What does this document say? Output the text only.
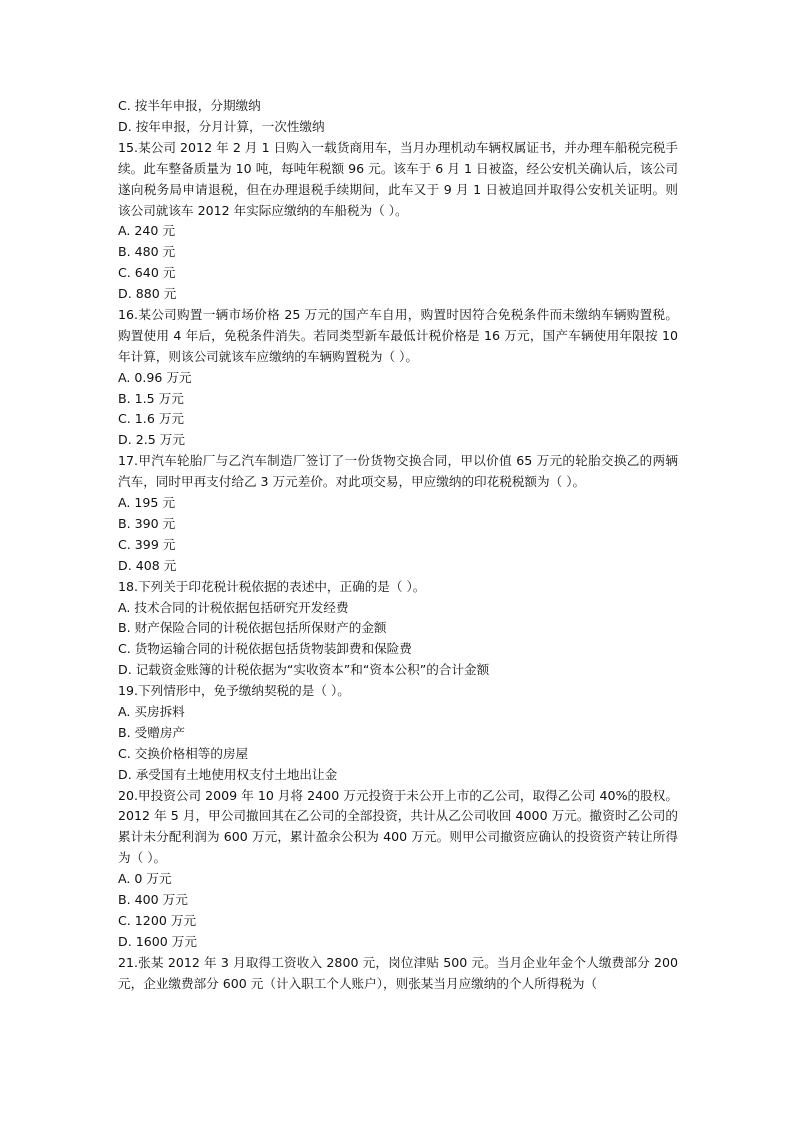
C. 按半年申报，分期缴纳
D. 按年申报，分月计算，一次性缴纳
15.某公司 2012 年 2 月 1 日购入一载货商用车，当月办理机动车辆权属证书，并办理车船税完税手续。此车整备质量为 10 吨，每吨年税额 96 元。该车于 6 月 1 日被盗，经公安机关确认后，该公司遂向税务局申请退税，但在办理退税手续期间，此车又于 9 月 1 日被追回并取得公安机关证明。则该公司就该车 2012 年实际应缴纳的车船税为（ ）。
A. 240 元
B. 480 元
C. 640 元
D. 880 元
16.某公司购置一辆市场价格 25 万元的国产车自用，购置时因符合免税条件而未缴纳车辆购置税。购置使用 4 年后，免税条件消失。若同类型新车最低计税价格是 16 万元，国产车辆使用年限按 10 年计算，则该公司就该车应缴纳的车辆购置税为（ ）。
A. 0.96 万元
B. 1.5 万元
C. 1.6 万元
D. 2.5 万元
17.甲汽车轮胎厂与乙汽车制造厂签订了一份货物交换合同，甲以价值 65 万元的轮胎交换乙的两辆汽车，同时甲再支付给乙 3 万元差价。对此项交易，甲应缴纳的印花税税额为（ ）。
A. 195 元
B. 390 元
C. 399 元
D. 408 元
18.下列关于印花税计税依据的表述中，正确的是（ ）。
A. 技术合同的计税依据包括研究开发经费
B. 财产保险合同的计税依据包括所保财产的金额
C. 货物运输合同的计税依据包括货物装卸费和保险费
D. 记载资金账簿的计税依据为“实收资本”和“资本公积”的合计金额
19.下列情形中，免予缴纳契税的是（ ）。
A. 买房拆料
B. 受赠房产
C. 交换价格相等的房屋
D. 承受国有土地使用权支付土地出让金
20.甲投资公司 2009 年 10 月将 2400 万元投资于未公开上市的乙公司，取得乙公司 40%的股权。2012 年 5 月，甲公司撤回其在乙公司的全部投资，共计从乙公司收回 4000 万元。撤资时乙公司的累计未分配利润为 600 万元，累计盈余公积为 400 万元。则甲公司撤资应确认的投资资产转让所得为（ ）。
A. 0 万元
B. 400 万元
C. 1200 万元
D. 1600 万元
21.张某 2012 年 3 月取得工资收入 2800 元，岗位津贴 500 元。当月企业年金个人缴费部分 200 元，企业缴费部分 600 元（计入职工个人账户），则张某当月应缴纳的个人所得税为（
